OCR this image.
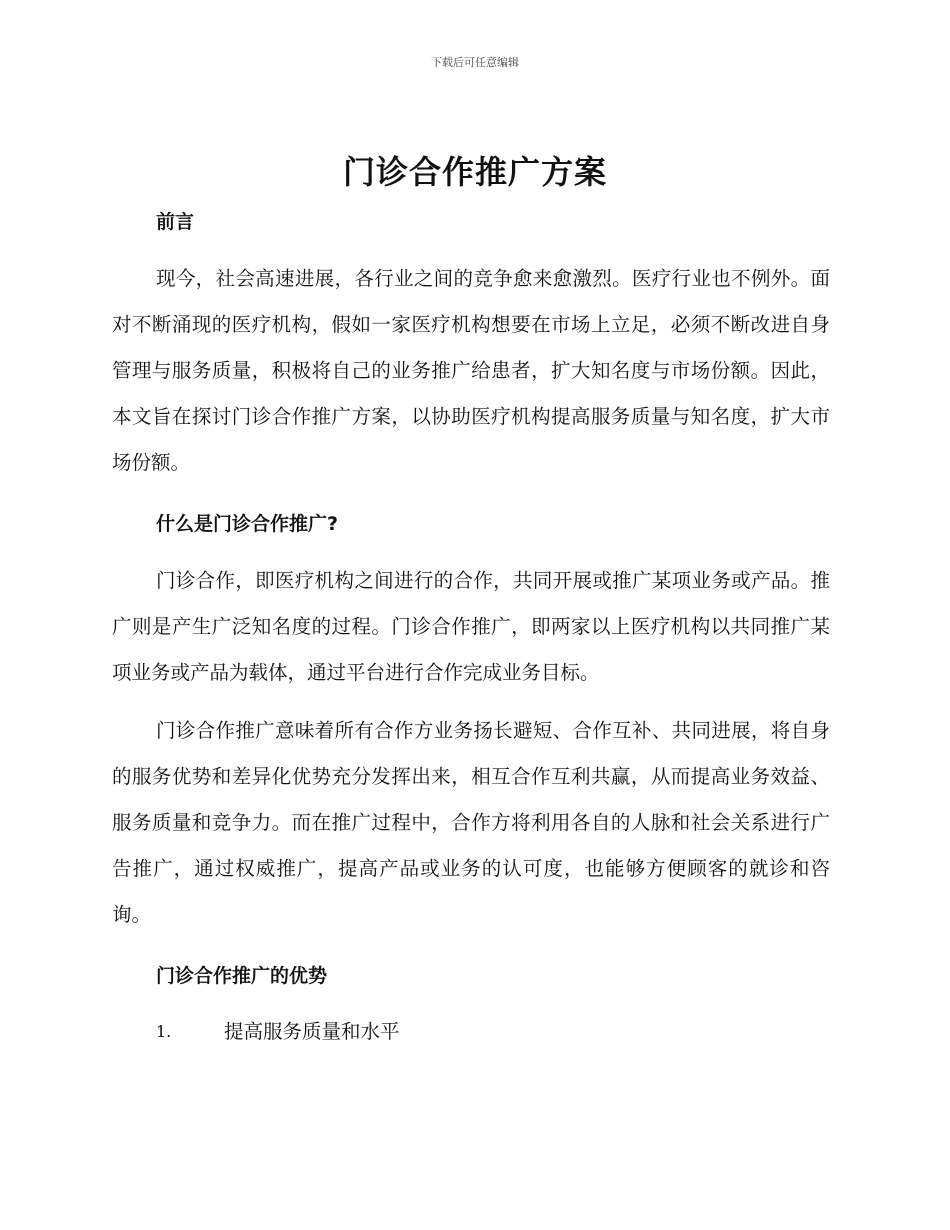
下载后可任意编辑
门诊合作推广方案
前言

现今，社会高速进展，各行业之间的竞争愈来愈激烈。医疗行业也不例外。面对不断涌现的医疗机构，假如一家医疗机构想要在市场上立足，必须不断改进自身管理与服务质量，积极将自己的业务推广给患者，扩大知名度与市场份额。因此，本文旨在探讨门诊合作推广方案，以协助医疗机构提高服务质量与知名度，扩大市场份额。

什么是门诊合作推广?

门诊合作，即医疗机构之间进行的合作，共同开展或推广某项业务或产品。推广则是产生广泛知名度的过程。门诊合作推广，即两家以上医疗机构以共同推广某项业务或产品为载体，通过平台进行合作完成业务目标。

门诊合作推广意味着所有合作方业务扬长避短、合作互补、共同进展，将自身的服务优势和差异化优势充分发挥出来，相互合作互利共赢，从而提高业务效益、服务质量和竞争力。而在推广过程中，合作方将利用各自的人脉和社会关系进行广告推广，通过权威推广，提高产品或业务的认可度，也能够方便顾客的就诊和咨询。

门诊合作推广的优势
1.	提高服务质量和水平
